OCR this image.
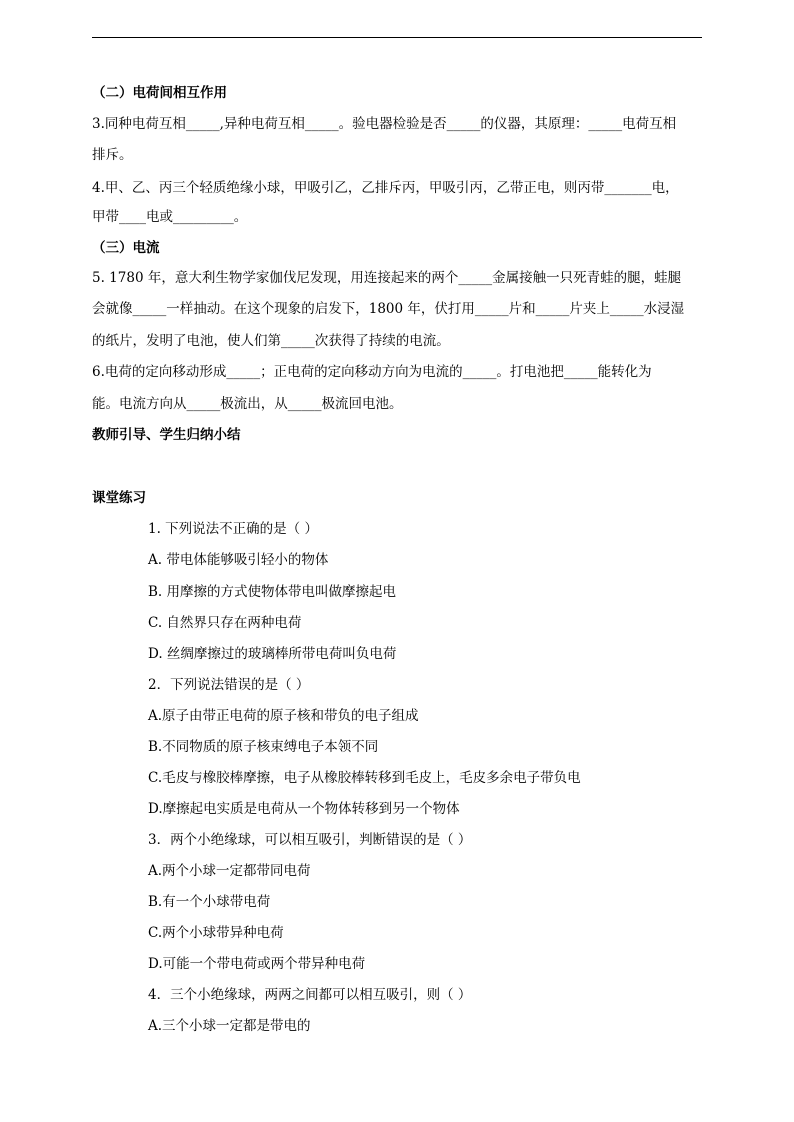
（二）电荷间相互作用
3.同种电荷互相_____,异种电荷互相_____。验电器检验是否_____的仪器，其原理：_____电荷互相
排斥。
4.甲、乙、丙三个轻质绝缘小球，甲吸引乙，乙排斥丙，甲吸引丙，乙带正电，则丙带_______电，
甲带____电或_________。
（三）电流
5. 1780 年，意大利生物学家伽伐尼发现，用连接起来的两个_____金属接触一只死青蛙的腿，蛙腿
会就像_____一样抽动。在这个现象的启发下，1800 年，伏打用_____片和_____片夹上_____水浸湿
的纸片，发明了电池，使人们第_____次获得了持续的电流。
6.电荷的定向移动形成_____；正电荷的定向移动方向为电流的_____。打电池把_____能转化为
能。电流方向从_____极流出，从_____极流回电池。
教师引导、学生归纳小结
课堂练习
1. 下列说法不正确的是（ ）
A. 带电体能够吸引轻小的物体
B. 用摩擦的方式使物体带电叫做摩擦起电
C. 自然界只存在两种电荷
D. 丝绸摩擦过的玻璃棒所带电荷叫负电荷
2．下列说法错误的是（ ）
A.原子由带正电荷的原子核和带负的电子组成
B.不同物质的原子核束缚电子本领不同
C.毛皮与橡胶棒摩擦，电子从橡胶棒转移到毛皮上，毛皮多余电子带负电
D.摩擦起电实质是电荷从一个物体转移到另一个物体
3．两个小绝缘球，可以相互吸引，判断错误的是（ ）
A.两个小球一定都带同电荷
B.有一个小球带电荷
C.两个小球带异种电荷
D.可能一个带电荷或两个带异种电荷
4．三个小绝缘球，两两之间都可以相互吸引，则（ ）
A.三个小球一定都是带电的
